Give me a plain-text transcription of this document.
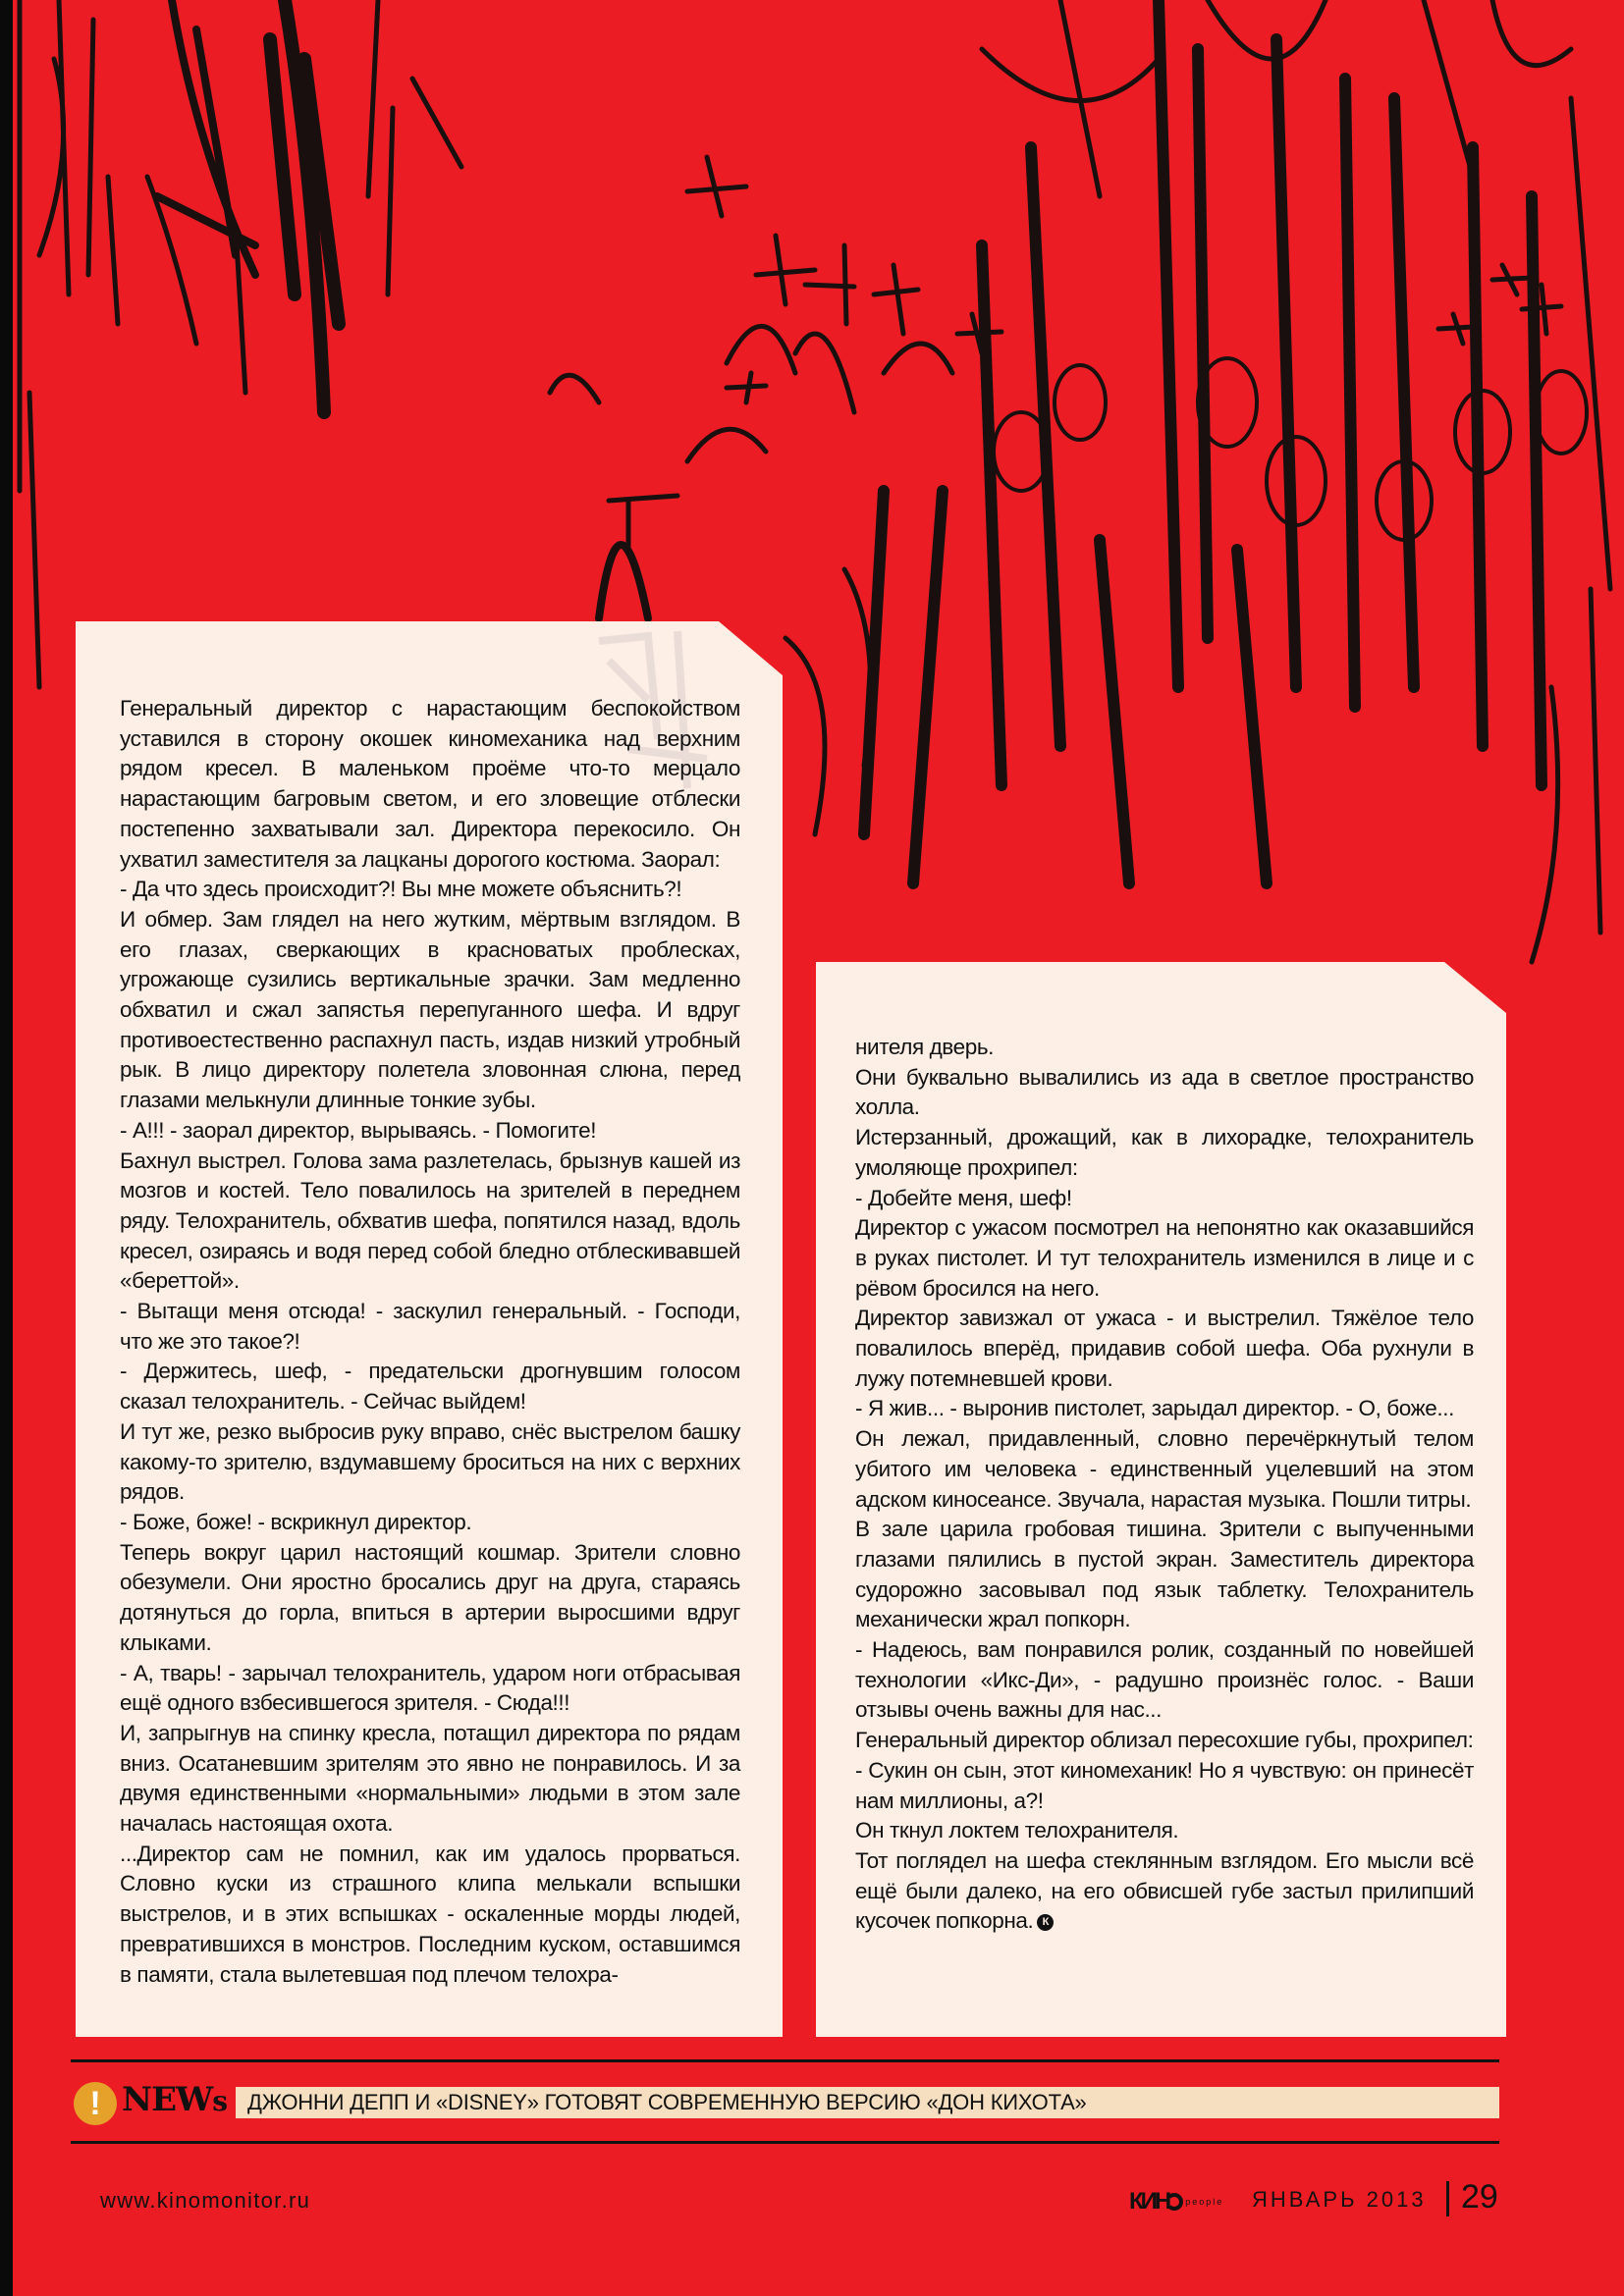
Генеральный директор с нарастающим беспокойством уставился в сторону окошек киномеханика над верхним рядом кресел. В маленьком проёме что-то мерцало нарастающим багровым светом, и его зловещие отблески постепенно захватывали зал. Директора перекосило. Он ухватил заместителя за лацканы дорогого костюма. Заорал:

- Да что здесь происходит?! Вы мне можете объяснить?!

И обмер. Зам глядел на него жутким, мёртвым взглядом. В его глазах, сверкающих в красноватых проблесках, угрожающе сузились вертикальные зрачки. Зам медленно обхватил и сжал запястья перепуганного шефа. И вдруг противоестественно распахнул пасть, издав низкий утробный рык. В лицо директору полетела зловонная слюна, перед глазами мелькнули длинные тонкие зубы.

- А!!! - заорал директор, вырываясь. - Помогите!

Бахнул выстрел. Голова зама разлетелась, брызнув кашей из мозгов и костей. Тело повалилось на зрителей в переднем ряду. Телохранитель, обхватив шефа, попятился назад, вдоль кресел, озираясь и водя перед собой бледно отблескивавшей «береттой».

- Вытащи меня отсюда! - заскулил генеральный. - Господи, что же это такое?!

- Держитесь, шеф, - предательски дрогнувшим голосом сказал телохранитель. - Сейчас выйдем!

И тут же, резко выбросив руку вправо, снёс выстрелом башку какому-то зрителю, вздумавшему броситься на них с верхних рядов.

- Боже, боже! - вскрикнул директор.

Теперь вокруг царил настоящий кошмар. Зрители словно обезумели. Они яростно бросались друг на друга, стараясь дотянуться до горла, впиться в артерии выросшими вдруг клыками.

- А, тварь! - зарычал телохранитель, ударом ноги отбрасывая ещё одного взбесившегося зрителя. - Сюда!!!

И, запрыгнув на спинку кресла, потащил директора по рядам вниз. Осатаневшим зрителям это явно не понравилось. И за двумя единственными «нормальными» людьми в этом зале началась настоящая охота.

...Директор сам не помнил, как им удалось прорваться. Словно куски из страшного клипа мелькали вспышки выстрелов, и в этих вспышках - оскаленные морды людей, превратившихся в монстров. Последним куском, оставшимся в памяти, стала вылетевшая под плечом телохра-

нителя дверь.

Они буквально вывалились из ада в светлое пространство холла.

Истерзанный, дрожащий, как в лихорадке, телохранитель умоляюще прохрипел:

- Добейте меня, шеф!

Директор с ужасом посмотрел на непонятно как оказавшийся в руках пистолет. И тут телохранитель изменился в лице и с рёвом бросился на него.

Директор завизжал от ужаса - и выстрелил. Тяжёлое тело повалилось вперёд, придавив собой шефа. Оба рухнули в лужу потемневшей крови.

- Я жив... - выронив пистолет, зарыдал директор. - О, боже...

Он лежал, придавленный, словно перечёркнутый телом убитого им человека - единственный уцелевший на этом адском киносеансе. Звучала, нарастая музыка. Пошли титры.

В зале царила гробовая тишина. Зрители с выпученными глазами пялились в пустой экран. Заместитель директора судорожно засовывал под язык таблетку. Телохранитель механически жрал попкорн.

- Надеюсь, вам понравился ролик, созданный по новейшей технологии «Икс-Ди», - радушно произнёс голос. - Ваши отзывы очень важны для нас...

Генеральный директор облизал пересохшие губы, прохрипел:

- Сукин он сын, этот киномеханик! Но я чувствую: он принесёт нам миллионы, а?!

Он ткнул локтем телохранителя.

Тот поглядел на шефа стеклянным взглядом. Его мысли всё ещё были далеко, на его обвисшей губе застыл прилипший кусочек попкорна. К

! NEWs ДЖОННИ ДЕПП И «DISNEY» ГОТОВЯТ СОВРЕМЕННУЮ ВЕРСИЮ «ДОН КИХОТА»
www.kinomonitor.ru	КИН people ЯНВАРЬ 2013 29
